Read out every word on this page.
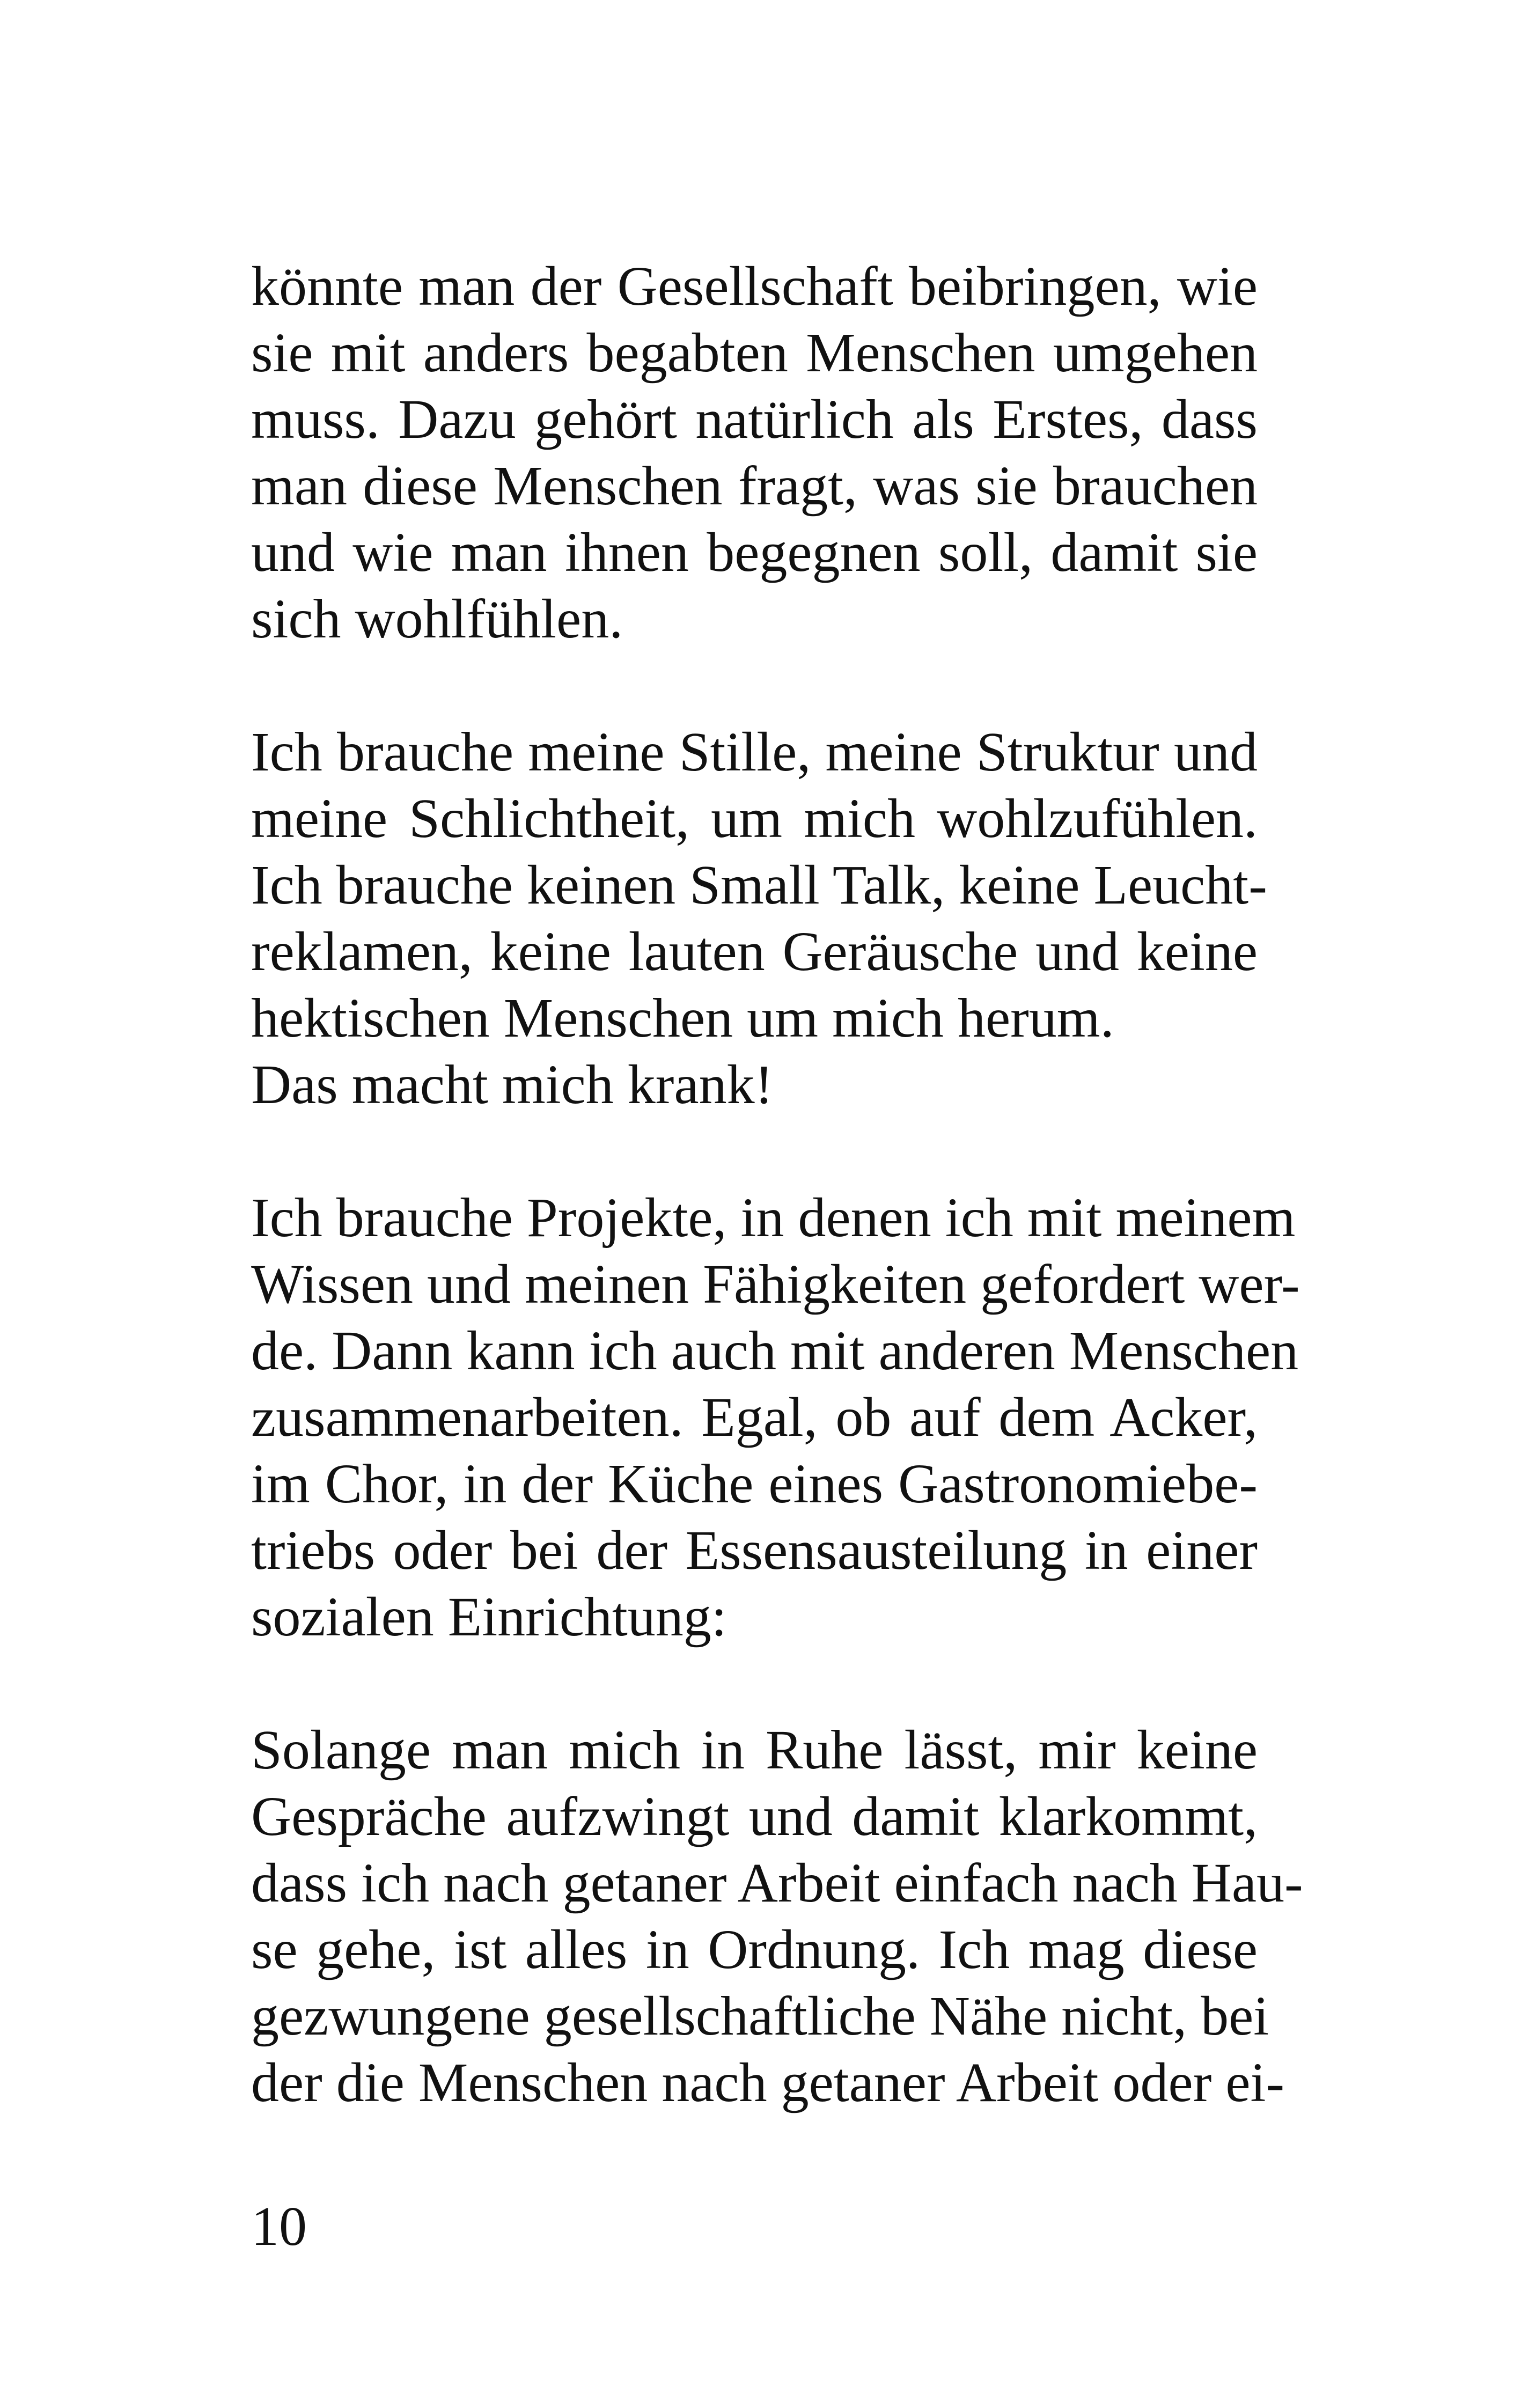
könnte man der Gesellschaft beibringen, wie
sie mit anders begabten Menschen umgehen
muss. Dazu gehört natürlich als Erstes, dass
man diese Menschen fragt, was sie brauchen
und wie man ihnen begegnen soll, damit sie
sich wohlfühlen.
Ich brauche meine Stille, meine Struktur und
meine Schlichtheit, um mich wohlzufühlen.
Ich brauche keinen Small Talk, keine Leucht-
reklamen, keine lauten Geräusche und keine
hektischen Menschen um mich herum.
Das macht mich krank!
Ich brauche Projekte, in denen ich mit meinem
Wissen und meinen Fähigkeiten gefordert wer-
de. Dann kann ich auch mit anderen Menschen
zusammenarbeiten. Egal, ob auf dem Acker,
im Chor, in der Küche eines Gastronomiebe-
triebs oder bei der Essensausteilung in einer
sozialen Einrichtung:
Solange man mich in Ruhe lässt, mir keine
Gespräche aufzwingt und damit klarkommt,
dass ich nach getaner Arbeit einfach nach Hau-
se gehe, ist alles in Ordnung. Ich mag diese
gezwungene gesellschaftliche Nähe nicht, bei
der die Menschen nach getaner Arbeit oder ei-
10
